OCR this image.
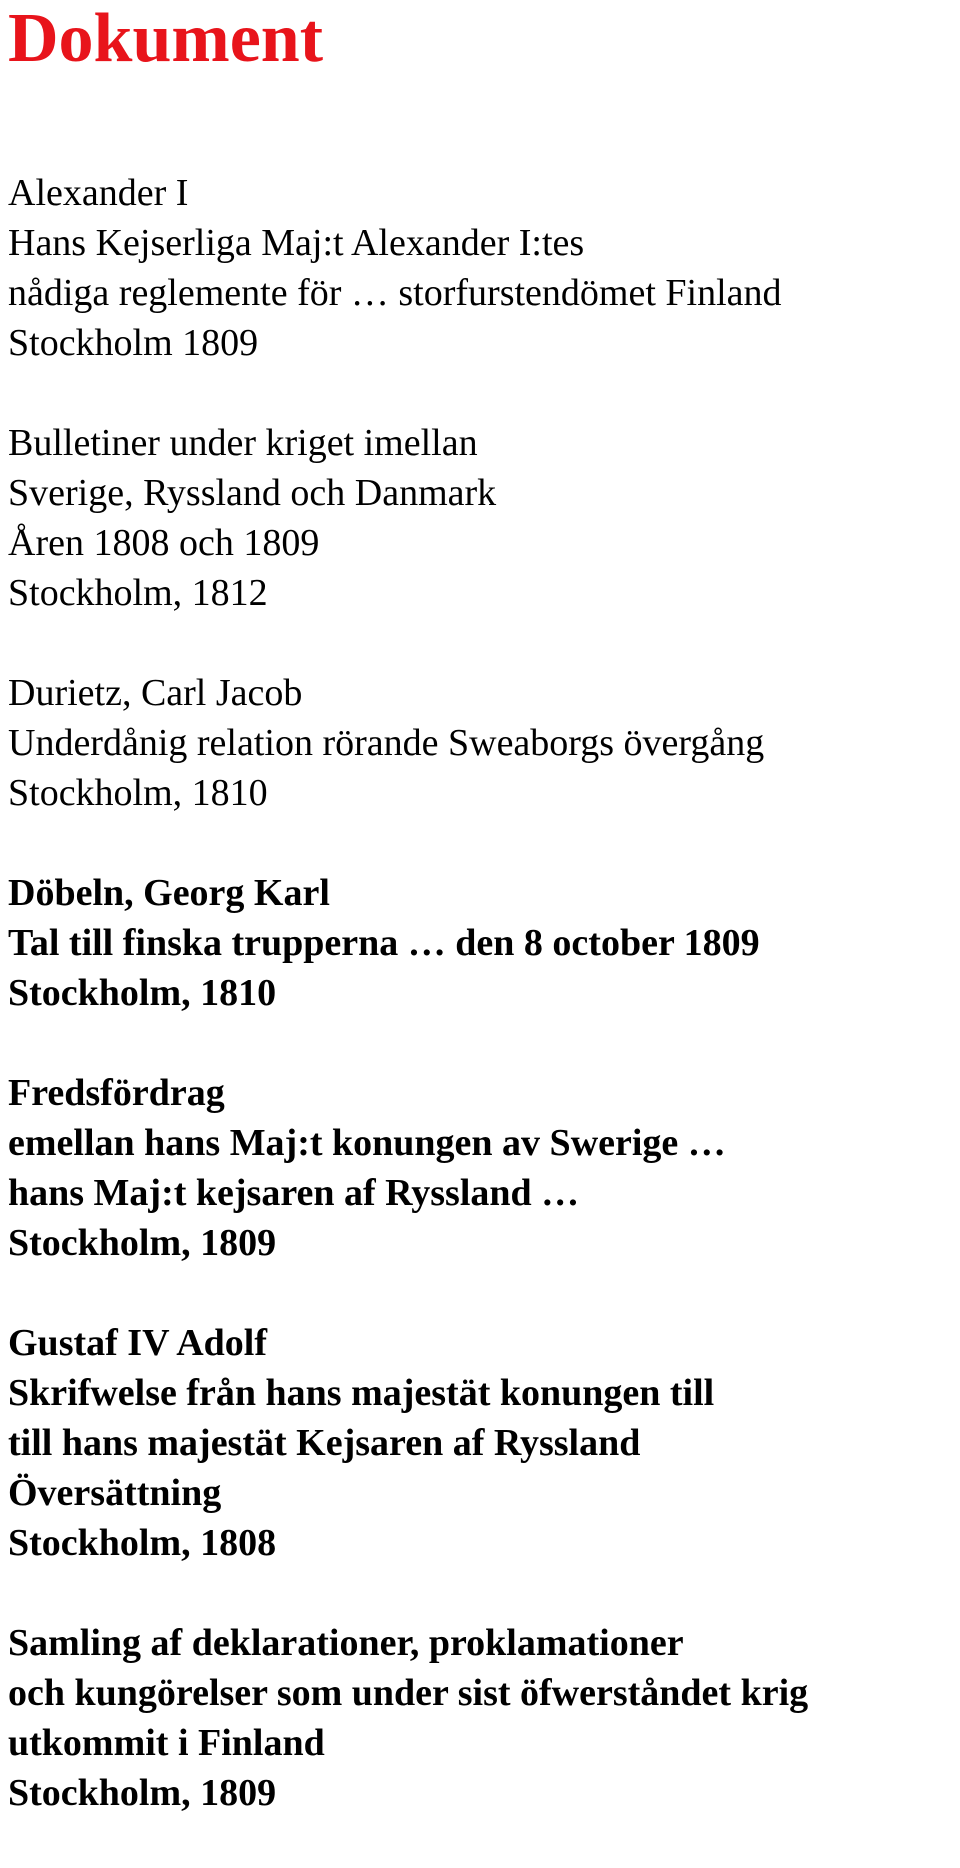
Dokument
Alexander I
Hans Kejserliga Maj:t Alexander I:tes
nådiga reglemente för … storfurstendömet Finland
Stockholm 1809
Bulletiner under kriget imellan
Sverige, Ryssland och Danmark
Åren 1808 och 1809
Stockholm, 1812
Durietz, Carl Jacob
Underdånig relation rörande Sweaborgs övergång
Stockholm, 1810
Döbeln, Georg Karl
Tal till finska trupperna … den 8 october 1809
Stockholm, 1810
Fredsfördrag
emellan hans Maj:t konungen av Swerige …
hans Maj:t kejsaren af Ryssland …
Stockholm, 1809
Gustaf IV Adolf
Skrifwelse från hans majestät konungen till
till hans majestät Kejsaren af Ryssland
Översättning
Stockholm, 1808
Samling af deklarationer, proklamationer
och kungörelser som under sist öfwerståndet krig
utkommit i Finland
Stockholm, 1809
